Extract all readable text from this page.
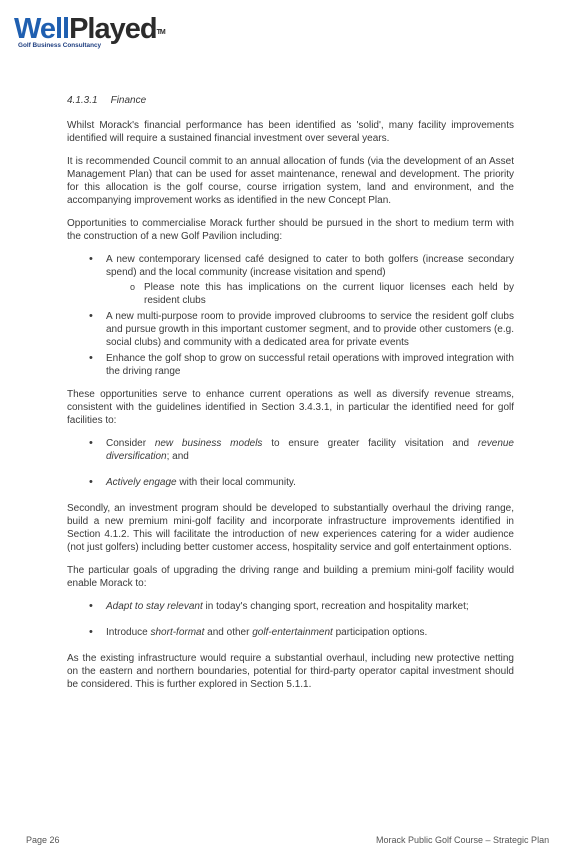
WellPlayed™
Golf Business Consultancy
4.1.3.1 Finance

Whilst Morack's financial performance has been identified as 'solid', many facility improvements identified will require a sustained financial investment over several years.

It is recommended Council commit to an annual allocation of funds (via the development of an Asset Management Plan) that can be used for asset maintenance, renewal and development. The priority for this allocation is the golf course, course irrigation system, land and environment, and the accompanying improvement works as identified in the new Concept Plan.

Opportunities to commercialise Morack further should be pursued in the short to medium term with the construction of a new Golf Pavilion including:

• A new contemporary licensed café designed to cater to both golfers (increase secondary spend) and the local community (increase visitation and spend)
o Please note this has implications on the current liquor licenses each held by resident clubs
• A new multi-purpose room to provide improved clubrooms to service the resident golf clubs and pursue growth in this important customer segment, and to provide other customers (e.g. social clubs) and community with a dedicated area for private events
• Enhance the golf shop to grow on successful retail operations with improved integration with the driving range

These opportunities serve to enhance current operations as well as diversify revenue streams, consistent with the guidelines identified in Section 3.4.3.1, in particular the identified need for golf facilities to:

• Consider new business models to ensure greater facility visitation and revenue diversification; and
• Actively engage with their local community.

Secondly, an investment program should be developed to substantially overhaul the driving range, build a new premium mini-golf facility and incorporate infrastructure improvements identified in Section 4.1.2. This will facilitate the introduction of new experiences catering for a wider audience (not just golfers) including better customer access, hospitality service and golf entertainment options.

The particular goals of upgrading the driving range and building a premium mini-golf facility would enable Morack to:

• Adapt to stay relevant in today's changing sport, recreation and hospitality market;
• Introduce short-format and other golf-entertainment participation options.

As the existing infrastructure would require a substantial overhaul, including new protective netting on the eastern and northern boundaries, potential for third-party operator capital investment should be considered. This is further explored in Section 5.1.1.

Page 26	Morack Public Golf Course – Strategic Plan
